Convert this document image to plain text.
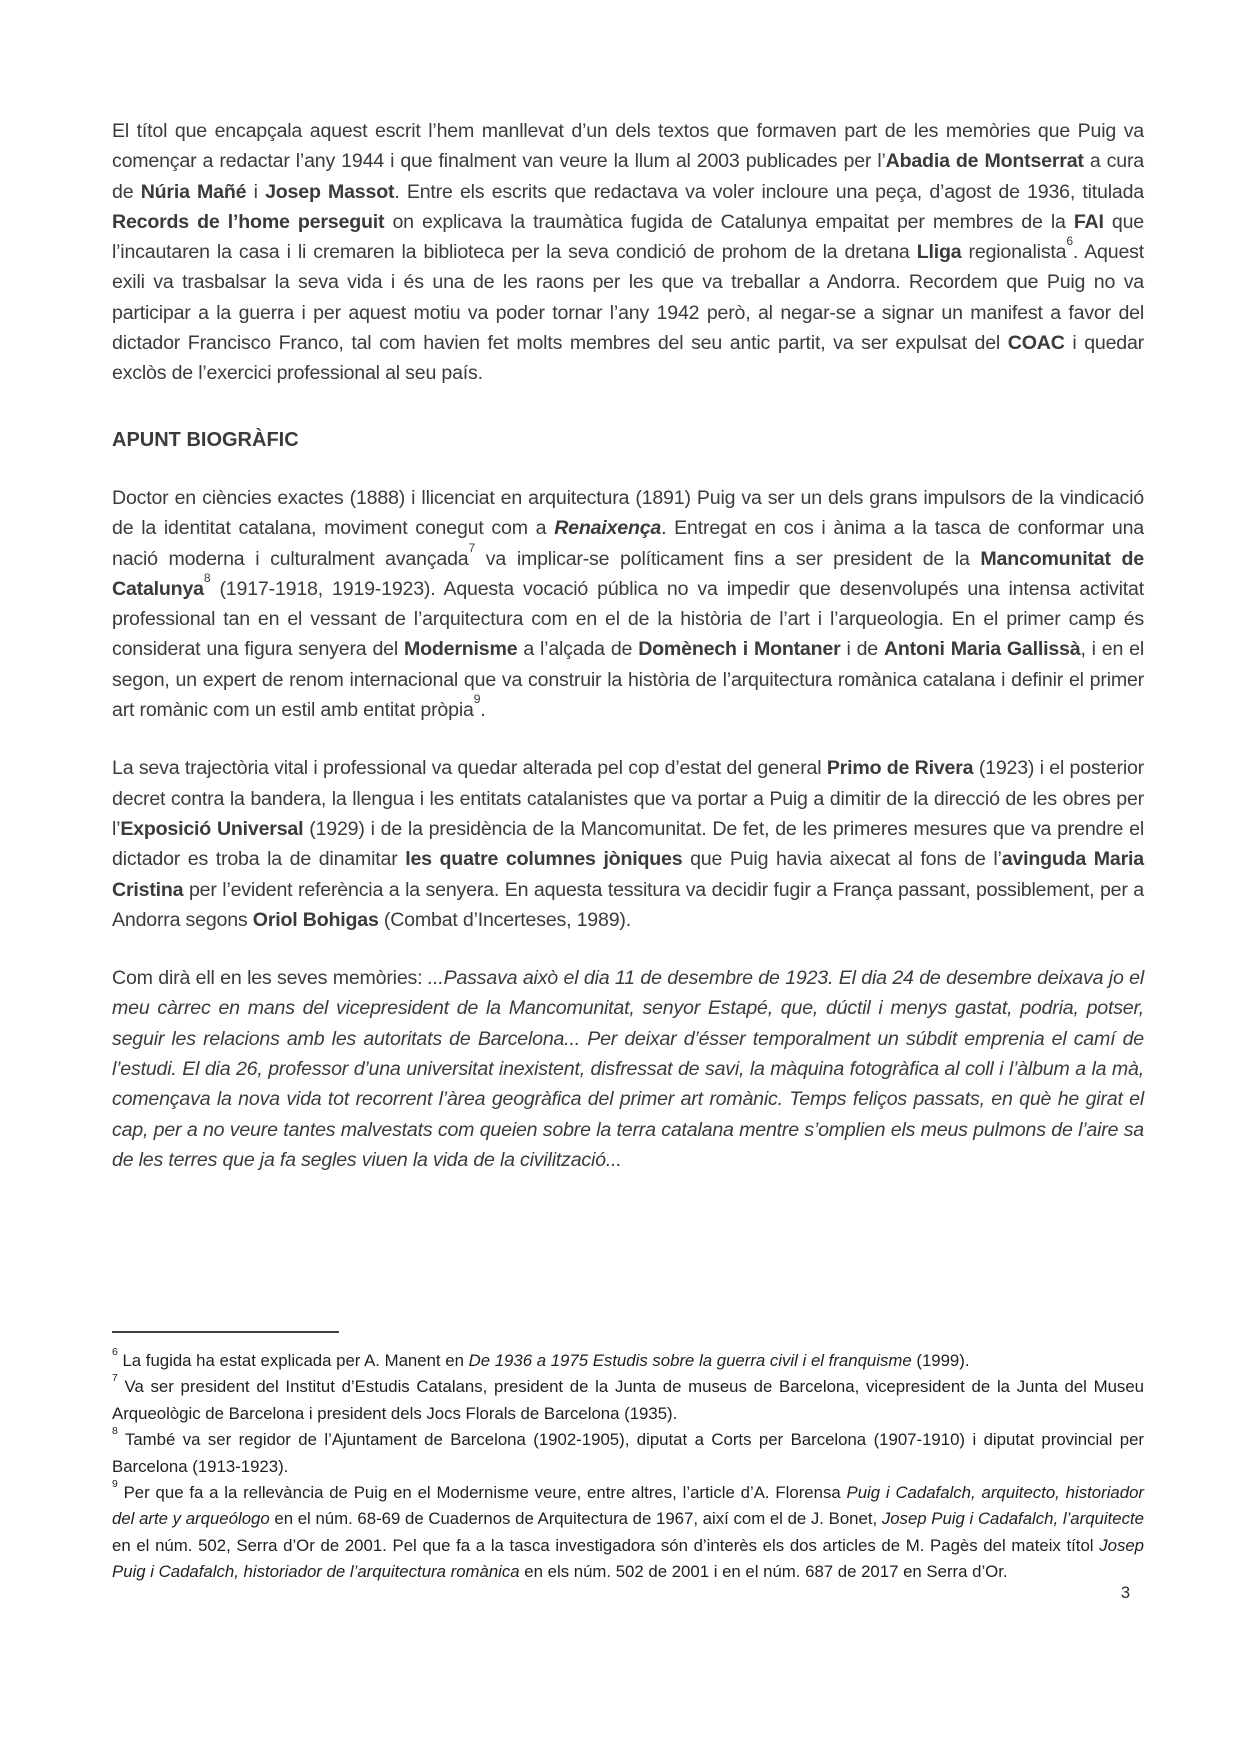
El títol que encapçala aquest escrit l’hem manllevat d’un dels textos que formaven part de les memòries que Puig va començar a redactar l’any 1944 i que finalment van veure la llum al 2003 publicades per l’Abadia de Montserrat a cura de Núria Mañé i Josep Massot. Entre els escrits que redactava va voler incloure una peça, d’agost de 1936, titulada Records de l’home perseguit on explicava la traumàtica fugida de Catalunya empaitat per membres de la FAI que l’incautaren la casa i li cremaren la biblioteca per la seva condició de prohom de la dretana Lliga regionalista$^6$. Aquest exili va trasbalsar la seva vida i és una de les raons per les que va treballar a Andorra. Recordem que Puig no va participar a la guerra i per aquest motiu va poder tornar l’any 1942 però, al negar-se a signar un manifest a favor del dictador Francisco Franco, tal com havien fet molts membres del seu antic partit, va ser expulsat del COAC i quedar exclòs de l’exercici professional al seu país.

APUNT BIOGRÀFIC

Doctor en ciències exactes (1888) i llicenciat en arquitectura (1891) Puig va ser un dels grans impulsors de la vindicació de la identitat catalana, moviment conegut com a Renaixença. Entregat en cos i ànima a la tasca de conformar una nació moderna i culturalment avançada$^7$ va implicar-se políticament fins a ser president de la Mancomunitat de Catalunya$^8$ (1917-1918, 1919-1923). Aquesta vocació pública no va impedir que desenvolupés una intensa activitat professional tan en el vessant de l’arquitectura com en el de la història de l’art i l’arqueologia. En el primer camp és considerat una figura senyera del Modernisme a l’alçada de Domènech i Montaner i de Antoni Maria Gallissà, i en el segon, un expert de renom internacional que va construir la història de l’arquitectura romànica catalana i definir el primer art romànic com un estil amb entitat pròpia$^9$.

La seva trajectòria vital i professional va quedar alterada pel cop d’estat del general Primo de Rivera (1923) i el posterior decret contra la bandera, la llengua i les entitats catalanistes que va portar a Puig a dimitir de la direcció de les obres per l’Exposició Universal (1929) i de la presidència de la Mancomunitat. De fet, de les primeres mesures que va prendre el dictador es troba la de dinamitar les quatre columnes jòniques que Puig havia aixecat al fons de l’avinguda Maria Cristina per l’evident referència a la senyera. En aquesta tessitura va decidir fugir a França passant, possiblement, per a Andorra segons Oriol Bohigas (Combat d’Incerteses, 1989).

Com dirà ell en les seves memòries: ...Passava això el dia 11 de desembre de 1923. El dia 24 de desembre deixava jo el meu càrrec en mans del vicepresident de la Mancomunitat, senyor Estapé, que, dúctil i menys gastat, podria, potser, seguir les relacions amb les autoritats de Barcelona... Per deixar d’ésser temporalment un súbdit emprenia el camí de l’estudi. El dia 26, professor d’una universitat inexistent, disfressat de savi, la màquina fotogràfica al coll i l’àlbum a la mà, començava la nova vida tot recorrent l’àrea geogràfica del primer art romànic. Temps feliços passats, en què he girat el cap, per a no veure tantes malvestats com queien sobre la terra catalana mentre s’omplien els meus pulmons de l’aire sa de les terres que ja fa segles viuen la vida de la civilització...

$^6$ La fugida ha estat explicada per A. Manent en De 1936 a 1975 Estudis sobre la guerra civil i el franquisme (1999).

$^7$ Va ser president del Institut d’Estudis Catalans, president de la Junta de museus de Barcelona, vicepresident de la Junta del Museu Arqueològic de Barcelona i president dels Jocs Florals de Barcelona (1935).

$^8$ També va ser regidor de l’Ajuntament de Barcelona (1902-1905), diputat a Corts per Barcelona (1907-1910) i diputat provincial per Barcelona (1913-1923).

$^9$ Per que fa a la rellevància de Puig en el Modernisme veure, entre altres, l’article d’A. Florensa Puig i Cadafalch, arquitecto, historiador del arte y arqueólogo en el núm. 68-69 de Cuadernos de Arquitectura de 1967, així com el de J. Bonet, Josep Puig i Cadafalch, l’arquitecte en el núm. 502, Serra d’Or de 2001. Pel que fa a la tasca investigadora són d’interès els dos articles de M. Pagès del mateix títol Josep Puig i Cadafalch, historiador de l’arquitectura romànica en els núm. 502 de 2001 i en el núm. 687 de 2017 en Serra d’Or.

3
